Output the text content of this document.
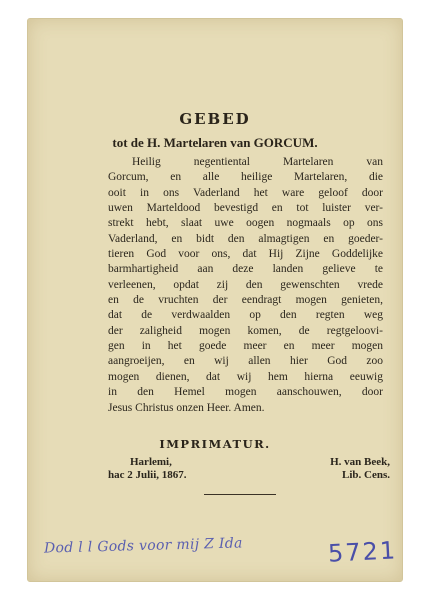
GEBED
tot de H. Martelaren van GORCUM.
Heilig negentiental Martelaren van
Gorcum, en alle heilige Martelaren, die
ooit in ons Vaderland het ware geloof door
uwen Marteldood bevestigd en tot luister ver-
strekt hebt, slaat uwe oogen nogmaals op ons
Vaderland, en bidt den almagtigen en goeder-
tieren God voor ons, dat Hij Zijne Goddelijke
barmhartigheid aan deze landen gelieve te
verleenen, opdat zij den gewenschten vrede
en de vruchten der eendragt mogen genieten,
dat de verdwaalden op den regten weg
der zaligheid mogen komen, de regtgeloovi-
gen in het goede meer en meer mogen
aangroeijen, en wij allen hier God zoo
mogen dienen, dat wij hem hierna eeuwig
in den Hemel mogen aanschouwen, door
Jesus Christus onzen Heer. Amen.
IMPRIMATUR.
Harlemi,
hac 2 Julii, 1867.
H. van Beek,
Lib. Cens.
Dod l l Gods voor mij Z Ida	5721
